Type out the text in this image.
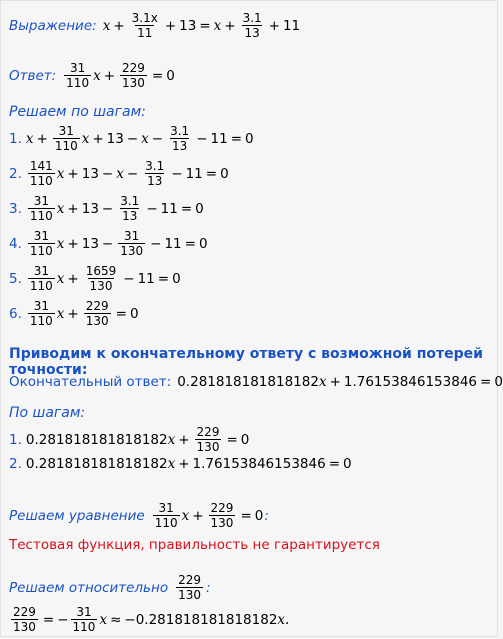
Выражение: $x + \frac{3.1x}{11} + 13 = x + \frac{3.1}{13} + 11$
Ответ: $\frac{31}{110}$ $x + \frac{229}{130} = 0$
Решаем по шагам:
1. $x + \frac{31}{110}$ $x + 13 - x - \frac{3.1}{13} - 11 = 0$
2. $\frac{141}{110}$ $x + 13 - x - \frac{3.1}{13} - 11 = 0$
3. $\frac{31}{110}$ $x + 13 - \frac{3.1}{13} - 11 = 0$
4. $\frac{31}{110}$ $x + 13 - \frac{31}{130} - 11 = 0$
5. $\frac{31}{110}$ $x + \frac{1659}{130} - 11 = 0$
6. $\frac{31}{110}$ $x + \frac{229}{130} = 0$
Приводим к окончательному ответу с возможной потерей точности:
Окончательный ответ: 0.281818181818182 x + 1.76153846153846 = 0
По шагам:
1. 0.281818181818182 $x + \frac{229}{130} = 0$
2. 0.281818181818182 x + 1.76153846153846 = 0
Решаем уравнение $\frac{31}{110}$ $x + \frac{229}{130} = 0$ :
Тестовая функция, правильность не гарантируется
Решаем относительно $\frac{229}{130}$ :
$\frac{229}{130}$ = − $\frac{31}{110}$ x ≈ − 0.281818181818182 x.
